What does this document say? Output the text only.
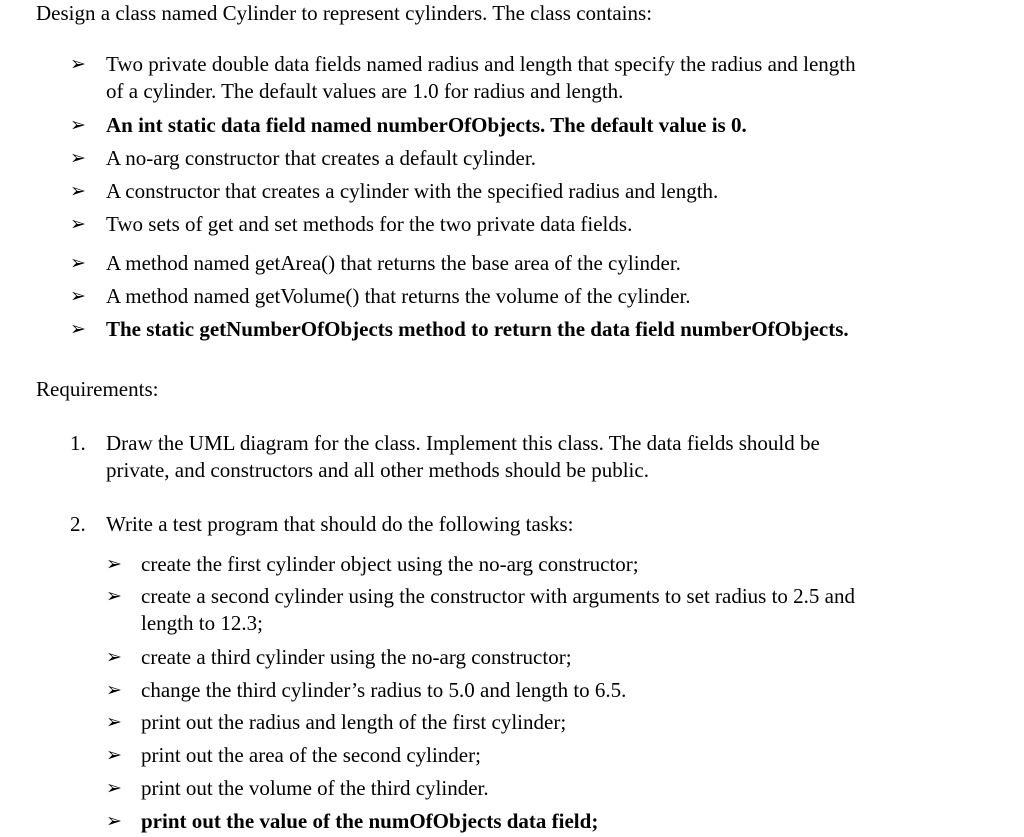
Design a class named Cylinder to represent cylinders. The class contains:
➢ Two private double data fields named radius and length that specify the radius and length
of a cylinder. The default values are 1.0 for radius and length.
➢ An int static data field named numberOfObjects. The default value is 0.
➢ A no-arg constructor that creates a default cylinder.
➢ A constructor that creates a cylinder with the specified radius and length.
➢ Two sets of get and set methods for the two private data fields.
➢ A method named getArea() that returns the base area of the cylinder.
➢ A method named getVolume() that returns the volume of the cylinder.
➢ The static getNumberOfObjects method to return the data field numberOfObjects.
Requirements:
1. Draw the UML diagram for the class. Implement this class. The data fields should be
private, and constructors and all other methods should be public.
2. Write a test program that should do the following tasks:
➢ create the first cylinder object using the no-arg constructor;
➢ create a second cylinder using the constructor with arguments to set radius to 2.5 and
length to 12.3;
➢ create a third cylinder using the no-arg constructor;
➢ change the third cylinder’s radius to 5.0 and length to 6.5.
➢ print out the radius and length of the first cylinder;
➢ print out the area of the second cylinder;
➢ print out the volume of the third cylinder.
➢ print out the value of the numOfObjects data field;
